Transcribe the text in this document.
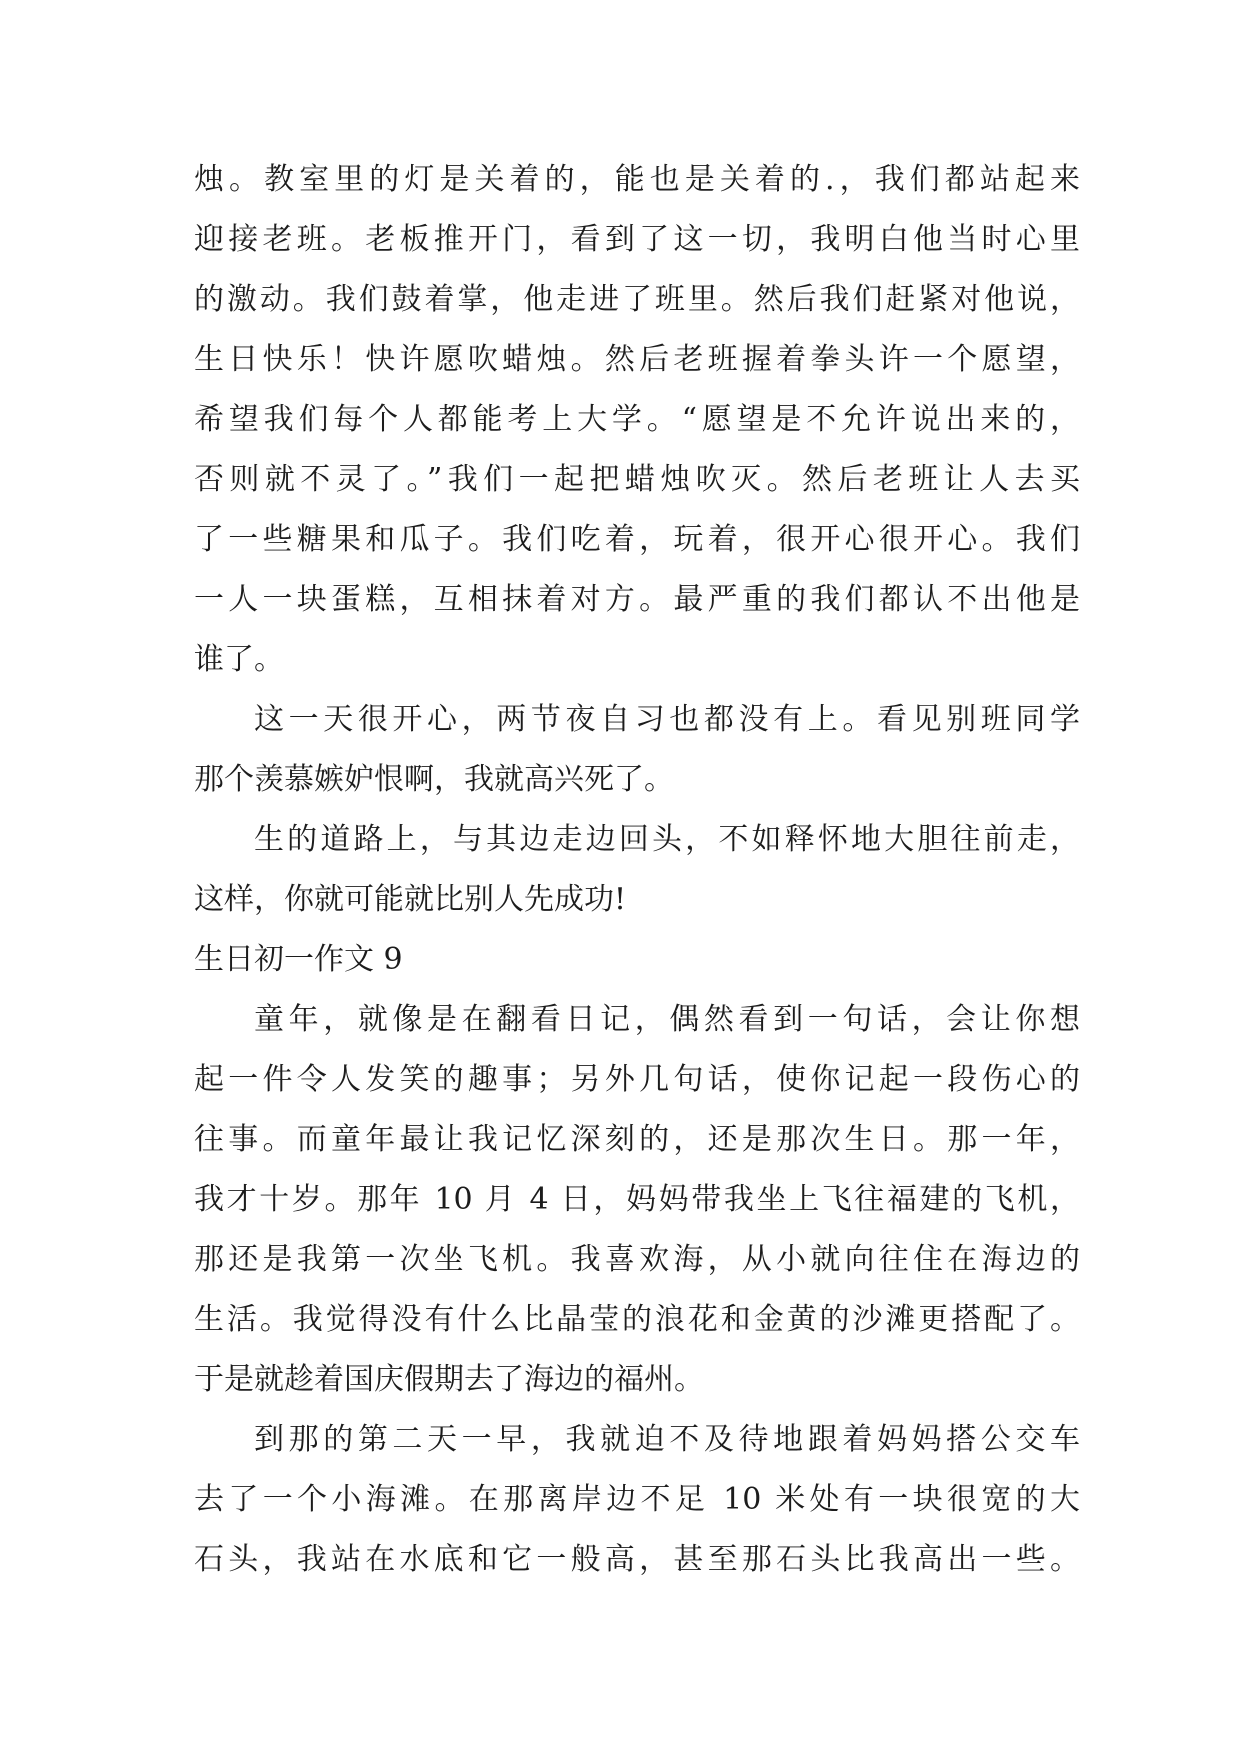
烛。教室里的灯是关着的，能也是关着的.，我们都站起来
迎接老班。老板推开门，看到了这一切，我明白他当时心里
的激动。我们鼓着掌，他走进了班里。然后我们赶紧对他说，
生日快乐！快许愿吹蜡烛。然后老班握着拳头许一个愿望，
希望我们每个人都能考上大学。“愿望是不允许说出来的，
否则就不灵了。”我们一起把蜡烛吹灭。然后老班让人去买
了一些糖果和瓜子。我们吃着，玩着，很开心很开心。我们
一人一块蛋糕，互相抹着对方。最严重的我们都认不出他是
谁了。
这一天很开心，两节夜自习也都没有上。看见别班同学
那个羡慕嫉妒恨啊，我就高兴死了。
生的道路上，与其边走边回头，不如释怀地大胆往前走，
这样，你就可能就比别人先成功!
生日初一作文 9
童年，就像是在翻看日记，偶然看到一句话，会让你想
起一件令人发笑的趣事；另外几句话，使你记起一段伤心的
往事。而童年最让我记忆深刻的，还是那次生日。那一年，
我才十岁。那年 10 月 4 日，妈妈带我坐上飞往福建的飞机，
那还是我第一次坐飞机。我喜欢海，从小就向往住在海边的
生活。我觉得没有什么比晶莹的浪花和金黄的沙滩更搭配了。
于是就趁着国庆假期去了海边的福州。
到那的第二天一早，我就迫不及待地跟着妈妈搭公交车
去了一个小海滩。在那离岸边不足 10 米处有一块很宽的大
石头，我站在水底和它一般高，甚至那石头比我高出一些。
